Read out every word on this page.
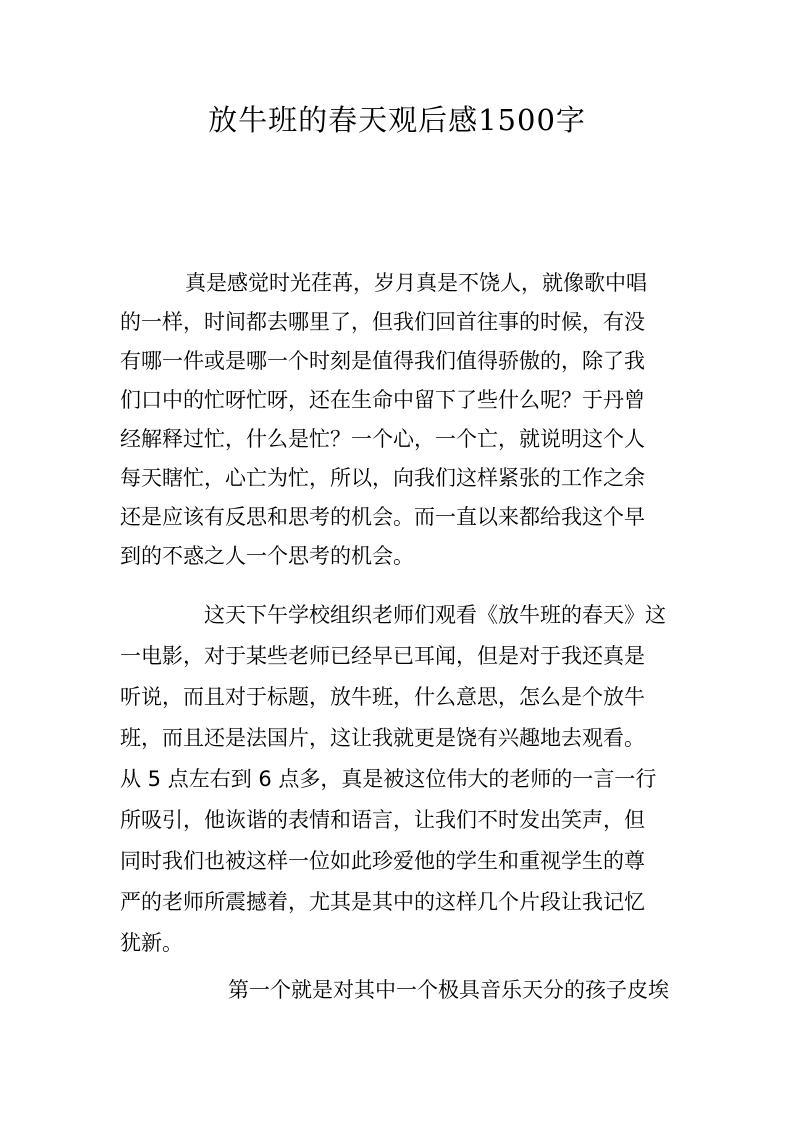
放牛班的春天观后感1500字
真是感觉时光荏苒，岁月真是不饶人，就像歌中唱
的一样，时间都去哪里了，但我们回首往事的时候，有没
有哪一件或是哪一个时刻是值得我们值得骄傲的，除了我
们口中的忙呀忙呀，还在生命中留下了些什么呢？于丹曾
经解释过忙，什么是忙？一个心，一个亡，就说明这个人
每天瞎忙，心亡为忙，所以，向我们这样紧张的工作之余
还是应该有反思和思考的机会。而一直以来都给我这个早
到的不惑之人一个思考的机会。
这天下午学校组织老师们观看《放牛班的春天》这
一电影，对于某些老师已经早已耳闻，但是对于我还真是
听说，而且对于标题，放牛班，什么意思，怎么是个放牛
班，而且还是法国片，这让我就更是饶有兴趣地去观看。
从 5 点左右到 6 点多，真是被这位伟大的老师的一言一行
所吸引，他诙谐的表情和语言，让我们不时发出笑声，但
同时我们也被这样一位如此珍爱他的学生和重视学生的尊
严的老师所震撼着，尤其是其中的这样几个片段让我记忆
犹新。
第一个就是对其中一个极具音乐天分的孩子皮埃
